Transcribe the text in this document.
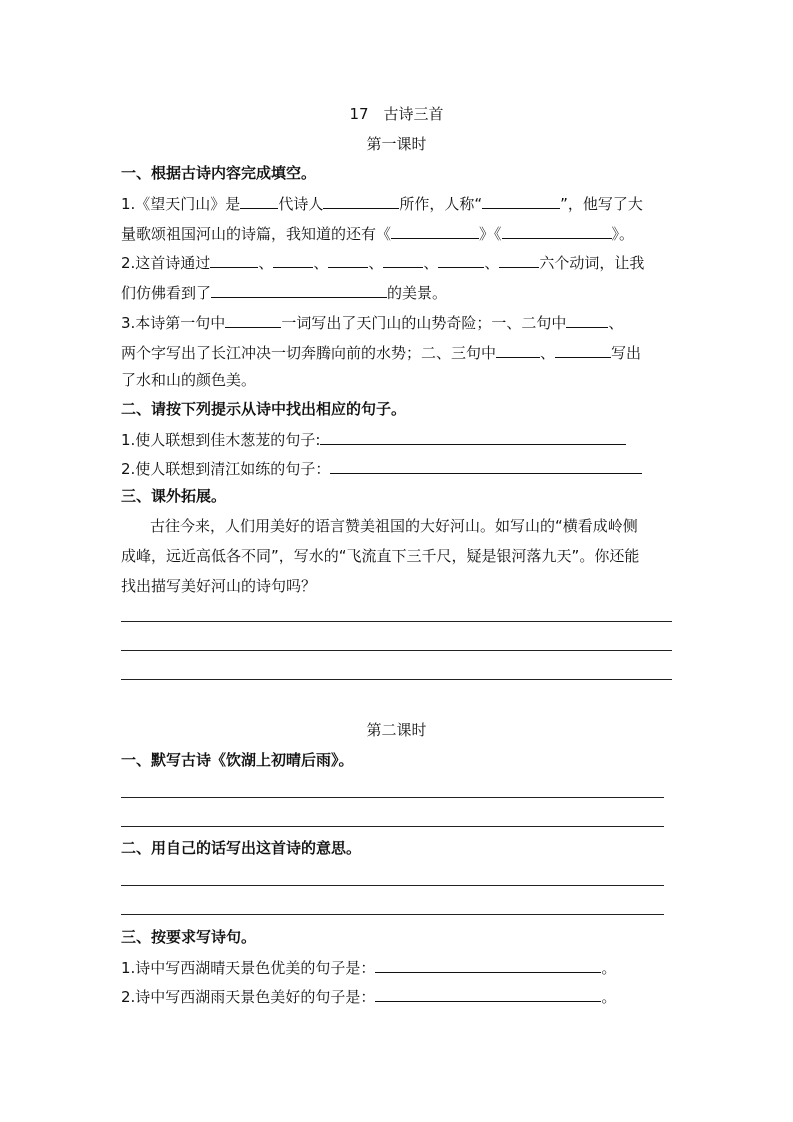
17　古诗三首
第一课时
一、根据古诗内容完成填空。
1.《望天门山》是	代诗人	所作，人称“	”，他写了大
量歌颂祖国河山的诗篇，我知道的还有《	》《	》。
2.这首诗通过	、	、	、	、	、	六个动词，让我
们仿佛看到了	的美景。
3.本诗第一句中	一词写出了天门山的山势奇险；一、二句中	、
两个字写出了长江冲决一切奔腾向前的水势；二、三句中	、	写出
了水和山的颜色美。
二、请按下列提示从诗中找出相应的句子。
1.使人联想到佳木葱茏的句子:
2.使人联想到清江如练的句子：
三、课外拓展。
古往今来，人们用美好的语言赞美祖国的大好河山。如写山的“横看成岭侧
成峰，远近高低各不同”，写水的“飞流直下三千尺，疑是银河落九天”。你还能
找出描写美好河山的诗句吗？
第二课时
一、默写古诗《饮湖上初晴后雨》。
二、用自己的话写出这首诗的意思。
三、按要求写诗句。
1.诗中写西湖晴天景色优美的句子是：	。
2.诗中写西湖雨天景色美好的句子是：	。
